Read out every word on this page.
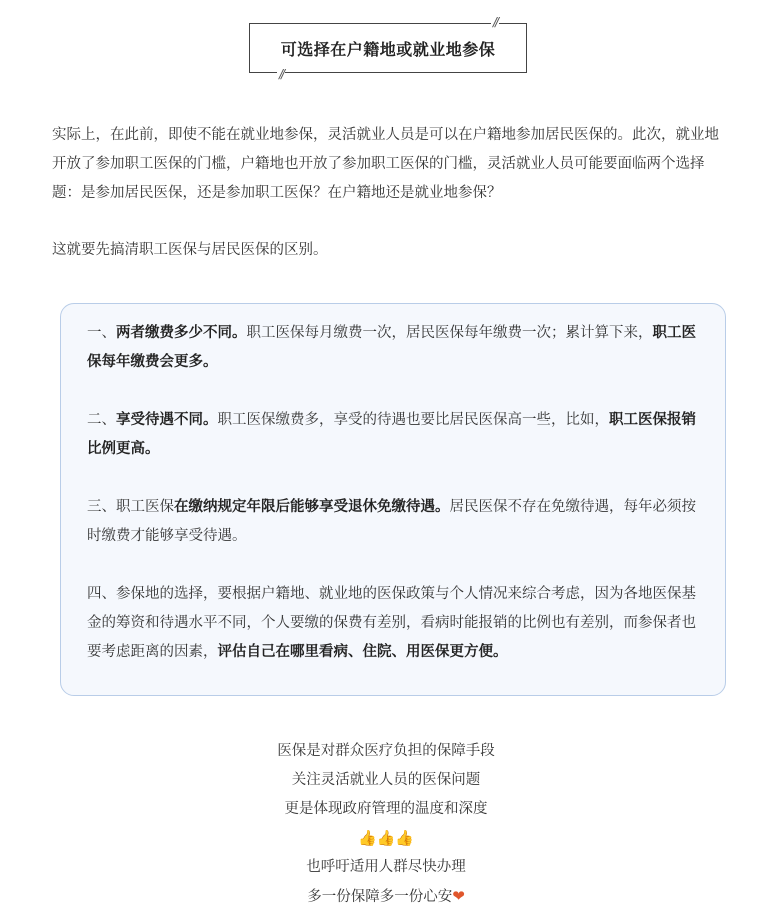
可选择在户籍地或就业地参保
//
//

实际上，在此前，即使不能在就业地参保，灵活就业人员是可以在户籍地参加居民医保的。此次，就业地开放了参加职工医保的门槛，户籍地也开放了参加职工医保的门槛，灵活就业人员可能要面临两个选择题：是参加居民医保，还是参加职工医保？在户籍地还是就业地参保？

这就要先搞清职工医保与居民医保的区别。

一、两者缴费多少不同。职工医保每月缴费一次，居民医保每年缴费一次；累计算下来，职工医保每年缴费会更多。

二、享受待遇不同。职工医保缴费多，享受的待遇也要比居民医保高一些，比如，职工医保报销比例更高。

三、职工医保在缴纳规定年限后能够享受退休免缴待遇。居民医保不存在免缴待遇，每年必须按时缴费才能够享受待遇。

四、参保地的选择，要根据户籍地、就业地的医保政策与个人情况来综合考虑，因为各地医保基金的筹资和待遇水平不同，个人要缴的保费有差别，看病时能报销的比例也有差别，而参保者也要考虑距离的因素，评估自己在哪里看病、住院、用医保更方便。

医保是对群众医疗负担的保障手段
关注灵活就业人员的医保问题
更是体现政府管理的温度和深度
👍👍👍
也呼吁适用人群尽快办理
多一份保障多一份心安❤
